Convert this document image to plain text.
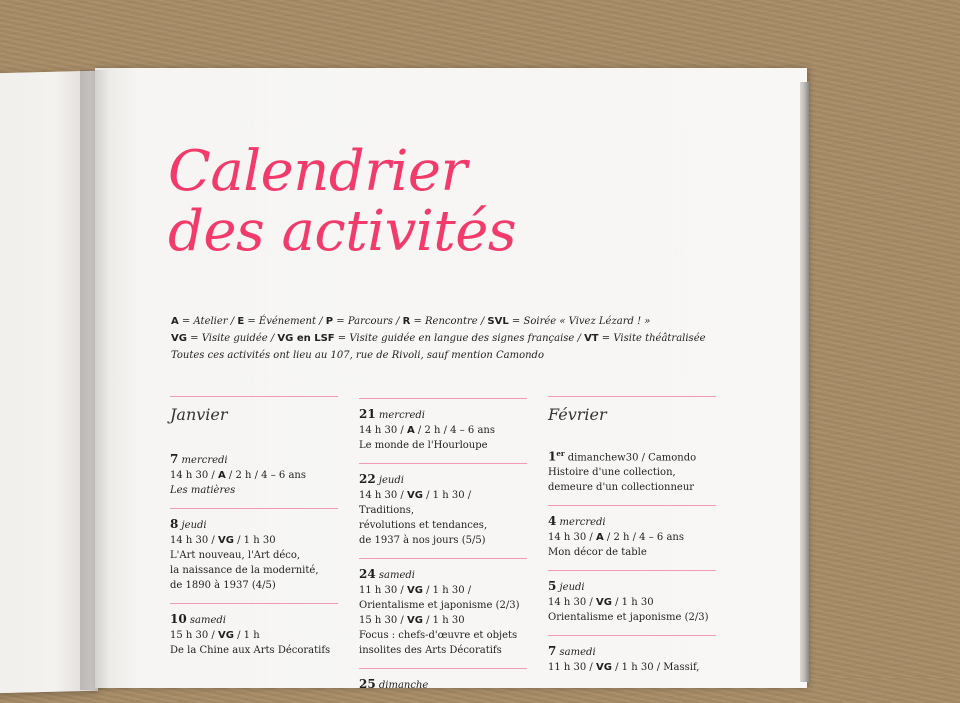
Calendrier
des activités
A = Atelier / E = Événement / P = Parcours / R = Rencontre / SVL = Soirée « Vivez Lézard ! »
VG = Visite guidée / VG en LSF = Visite guidée en langue des signes française / VT = Visite théâtralisée
Toutes ces activités ont lieu au 107, rue de Rivoli, sauf mention Camondo
Janvier
7 mercredi
14 h 30 / A / 2 h / 4 – 6 ans
Les matières
8 jeudi
14 h 30 / VG / 1 h 30
L'Art nouveau, l'Art déco,
la naissance de la modernité,
de 1890 à 1937 (4/5)
10 samedi
15 h 30 / VG / 1 h
De la Chine aux Arts Décoratifs
21 mercredi
14 h 30 / A / 2 h / 4 – 6 ans
Le monde de l'Hourloupe
22 jeudi
14 h 30 / VG / 1 h 30 / Traditions,
révolutions et tendances,
de 1937 à nos jours (5/5)
24 samedi
11 h 30 / VG / 1 h 30 /
Orientalisme et japonisme (2/3)
15 h 30 / VG / 1 h 30
Focus : chefs-d'œuvre et objets
insolites des Arts Décoratifs
25 dimanche
Février
1er dimanchew30 / Camondo
Histoire d'une collection,
demeure d'un collectionneur
4 mercredi
14 h 30 / A / 2 h / 4 – 6 ans
Mon décor de table
5 jeudi
14 h 30 / VG / 1 h 30
Orientalisme et japonisme (2/3)
7 samedi
11 h 30 / VG / 1 h 30 / Massif,
